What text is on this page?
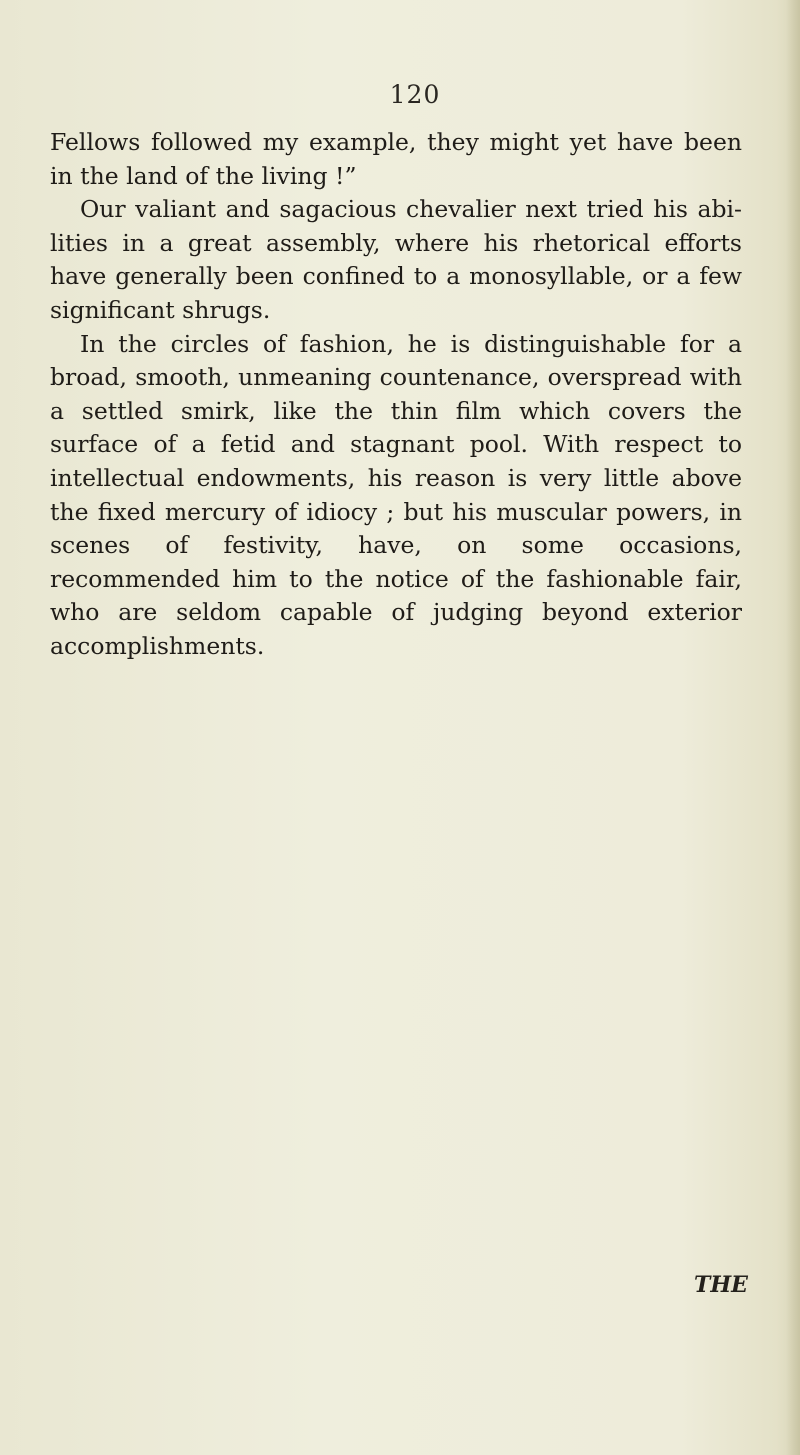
120

Fellows followed my example, they might yet have been in the land of the living !”

Our valiant and sagacious chevalier next tried his abilities in a great assembly, where his rhetorical efforts have generally been confined to a monosyllable, or a few significant shrugs.

In the circles of fashion, he is distinguishable for a broad, smooth, unmeaning countenance, overspread with a settled smirk, like the thin film which covers the surface of a fetid and stagnant pool. With respect to intellectual endowments, his reason is very little above the fixed mercury of idiocy ; but his muscular powers, in scenes of festivity, have, on some occasions, recommended him to the notice of the fashionable fair, who are seldom capable of judging beyond exterior accomplishments.

THE
